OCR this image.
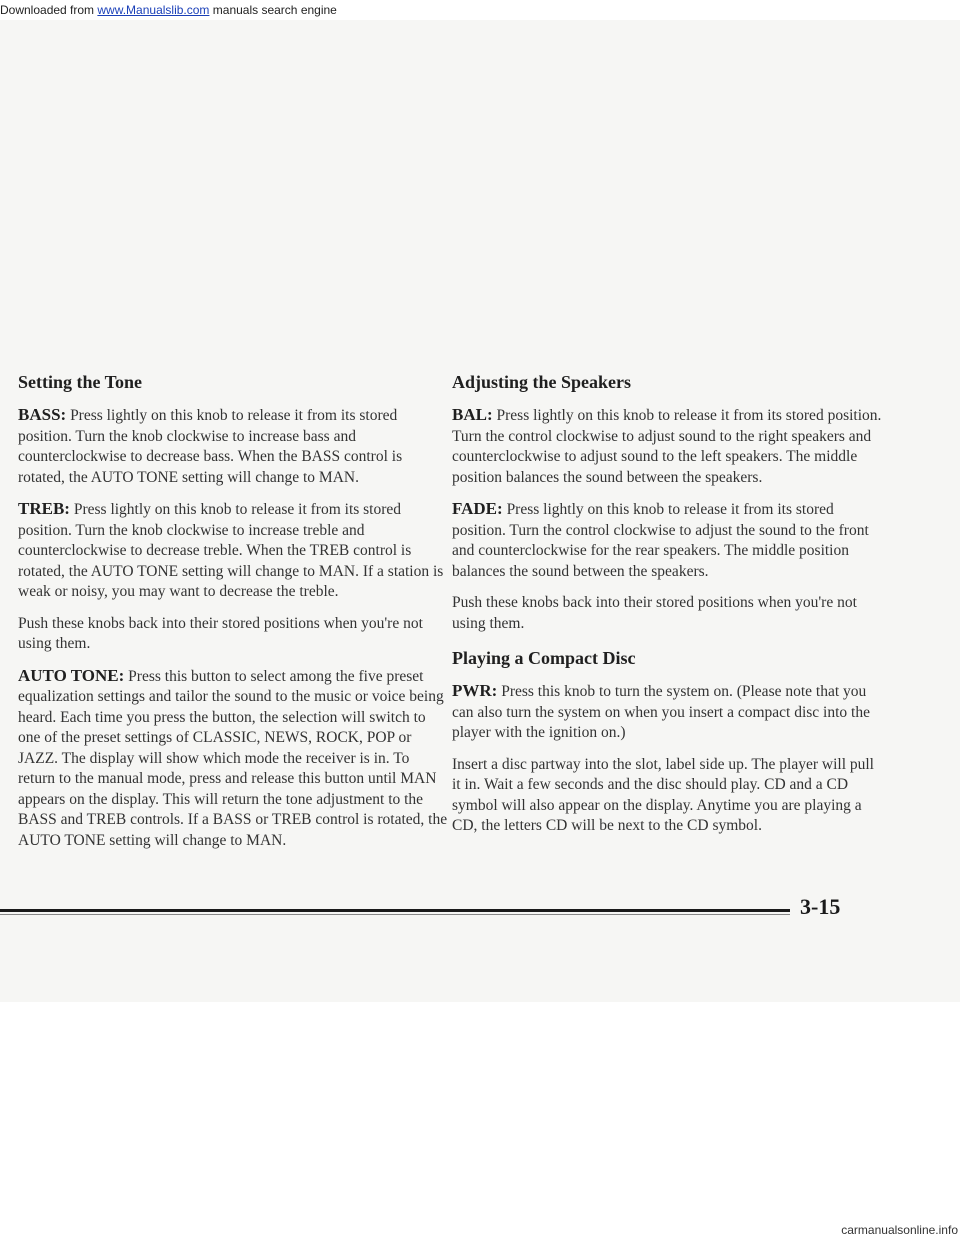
Downloaded from www.Manualslib.com manuals search engine
Setting the Tone

BASS: Press lightly on this knob to release it from its stored position. Turn the knob clockwise to increase bass and counterclockwise to decrease bass. When the BASS control is rotated, the AUTO TONE setting will change to MAN.

TREB: Press lightly on this knob to release it from its stored position. Turn the knob clockwise to increase treble and counterclockwise to decrease treble. When the TREB control is rotated, the AUTO TONE setting will change to MAN. If a station is weak or noisy, you may want to decrease the treble.

Push these knobs back into their stored positions when you're not using them.

AUTO TONE: Press this button to select among the five preset equalization settings and tailor the sound to the music or voice being heard. Each time you press the button, the selection will switch to one of the preset settings of CLASSIC, NEWS, ROCK, POP or JAZZ. The display will show which mode the receiver is in. To return to the manual mode, press and release this button until MAN appears on the display. This will return the tone adjustment to the BASS and TREB controls. If a BASS or TREB control is rotated, the AUTO TONE setting will change to MAN.

Adjusting the Speakers

BAL: Press lightly on this knob to release it from its stored position. Turn the control clockwise to adjust sound to the right speakers and counterclockwise to adjust sound to the left speakers. The middle position balances the sound between the speakers.

FADE: Press lightly on this knob to release it from its stored position. Turn the control clockwise to adjust the sound to the front and counterclockwise for the rear speakers. The middle position balances the sound between the speakers.

Push these knobs back into their stored positions when you're not using them.

Playing a Compact Disc

PWR: Press this knob to turn the system on. (Please note that you can also turn the system on when you insert a compact disc into the player with the ignition on.)

Insert a disc partway into the slot, label side up. The player will pull it in. Wait a few seconds and the disc should play. CD and a CD symbol will also appear on the display. Anytime you are playing a CD, the letters CD will be next to the CD symbol.

3-15
carmanualsonline.info
